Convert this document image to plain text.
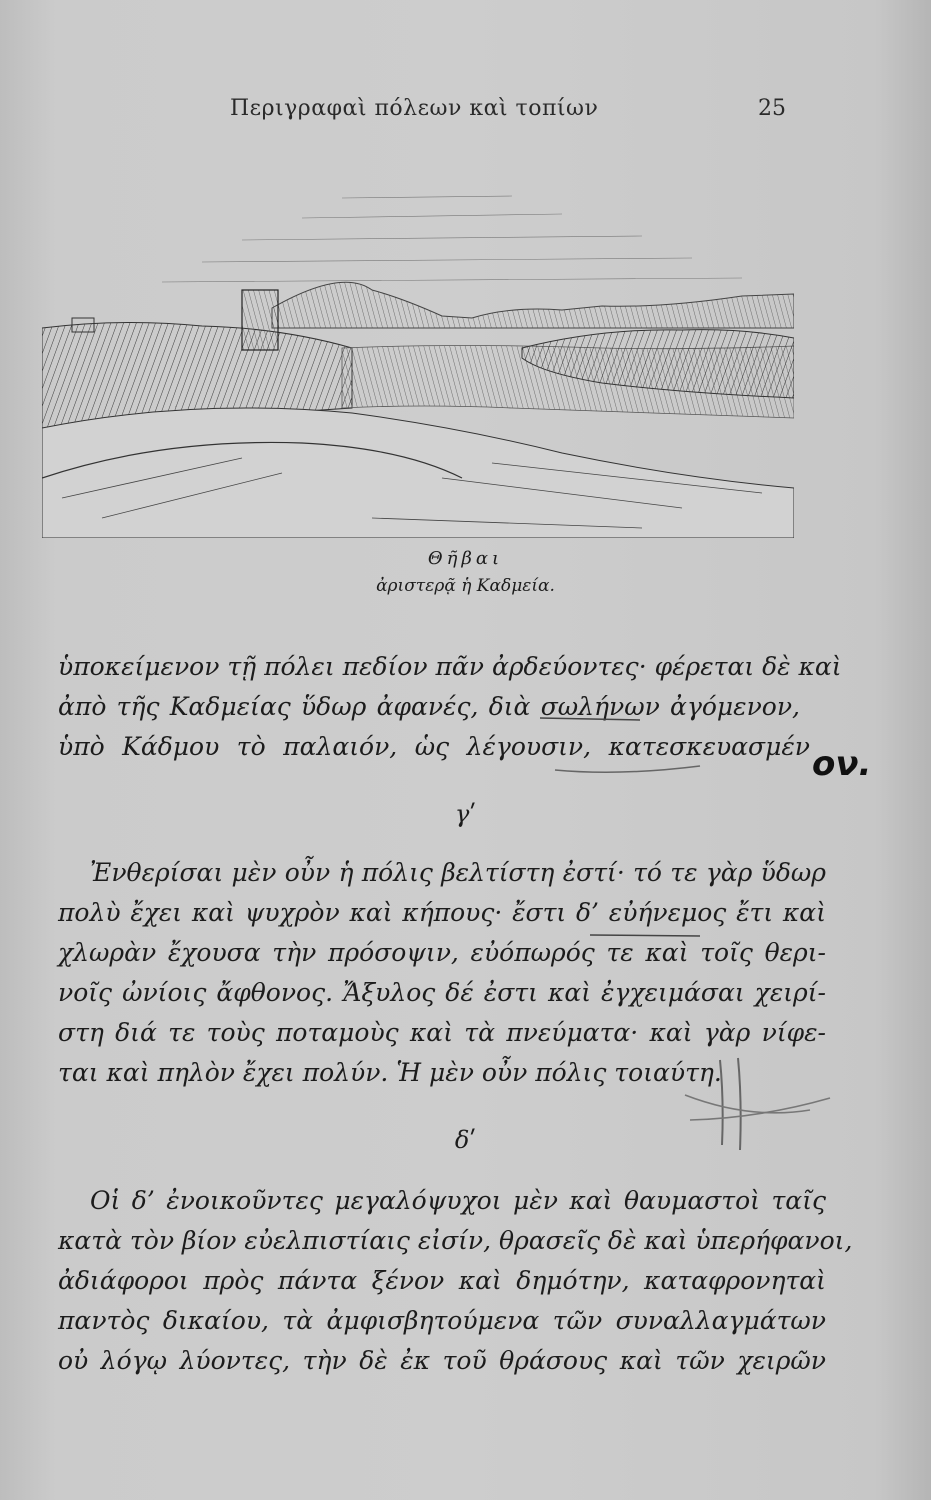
Περιγραφαὶ πόλεων καὶ τοπίων	25
Θῆβαι
ἀριστερᾷ ἡ Καδμεία.
ὑποκείμενον τῇ πόλει πεδίον πᾶν ἀρδεύοντες· φέρεται δὲ καὶ
ἀπὸ τῆς Καδμείας ὕδωρ ἀφανές, διὰ σωλήνων ἀγόμενον,
ὑπὸ Κάδμου τὸ παλαιόν, ὡς λέγουσιν, κατεσκευασμέν ον.
γʹ
Ἐνθερίσαι μὲν οὖν ἡ πόλις βελτίστη ἐστί· τό τε γὰρ ὕδωρ
πολὺ ἔχει καὶ ψυχρὸν καὶ κήπους· ἔστι δ’ εὐήνεμος ἔτι καὶ
χλωρὰν ἔχουσα τὴν πρόσοψιν, εὐόπωρός τε καὶ τοῖς θερι-
νοῖς ὠνίοις ἄφθονος. Ἄξυλος δέ ἐστι καὶ ἐγχειμάσαι χειρί-
στη διά τε τοὺς ποταμοὺς καὶ τὰ πνεύματα· καὶ γὰρ νίφε-
ται καὶ πηλὸν ἔχει πολύν. Ἡ μὲν οὖν πόλις τοιαύτη.
δʹ
Οἱ δ’ ἐνοικοῦντες μεγαλόψυχοι μὲν καὶ θαυμαστοὶ ταῖς
κατὰ τὸν βίον εὐελπιστίαις εἰσίν, θρασεῖς δὲ καὶ ὑπερήφανοι,
ἀδιάφοροι πρὸς πάντα ξένον καὶ δημότην, καταφρονηταὶ
παντὸς δικαίου, τὰ ἀμφισβητούμενα τῶν συναλλαγμάτων
οὐ λόγῳ λύοντες, τὴν δὲ ἐκ τοῦ θράσους καὶ τῶν χειρῶν
